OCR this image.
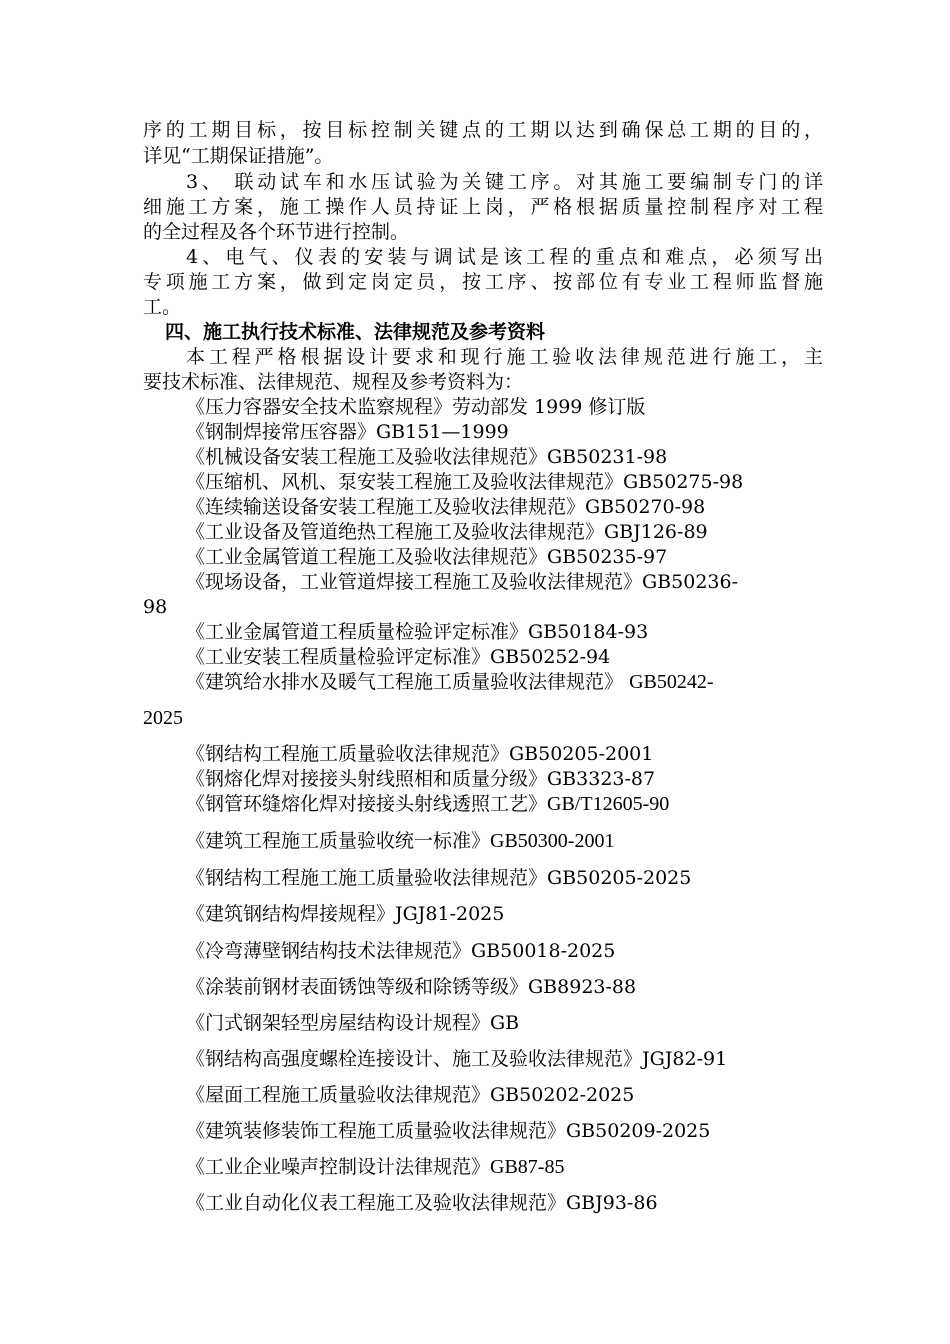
序的工期目标，按目标控制关键点的工期以达到确保总工期的目的，
详见“工期保证措施”。
3、 联动试车和水压试验为关键工序。对其施工要编制专门的详
细施工方案，施工操作人员持证上岗，严格根据质量控制程序对工程
的全过程及各个环节进行控制。
4、电气、仪表的安装与调试是该工程的重点和难点，必须写出
专项施工方案，做到定岗定员，按工序、按部位有专业工程师监督施
工。
四、施工执行技术标准、法律规范及参考资料
本工程严格根据设计要求和现行施工验收法律规范进行施工，主
要技术标准、法律规范、规程及参考资料为：
《压力容器安全技术监察规程》劳动部发 1999 修订版
《钢制焊接常压容器》GB151—1999
《机械设备安装工程施工及验收法律规范》GB50231-98
《压缩机、风机、泵安装工程施工及验收法律规范》GB50275-98
《连续输送设备安装工程施工及验收法律规范》GB50270-98
《工业设备及管道绝热工程施工及验收法律规范》GBJ126-89
《工业金属管道工程施工及验收法律规范》GB50235-97
《现场设备，工业管道焊接工程施工及验收法律规范》GB50236-
98
《工业金属管道工程质量检验评定标准》GB50184-93
《工业安装工程质量检验评定标准》GB50252-94
《建筑给水排水及暖气工程施工质量验收法律规范》 GB50242-
2025
《钢结构工程施工质量验收法律规范》GB50205-2001
《钢熔化焊对接接头射线照相和质量分级》GB3323-87
《钢管环缝熔化焊对接接头射线透照工艺》GB/T12605-90
《建筑工程施工质量验收统一标准》GB50300-2001
《钢结构工程施工施工质量验收法律规范》GB50205-2025
《建筑钢结构焊接规程》JGJ81-2025
《冷弯薄壁钢结构技术法律规范》GB50018-2025
《涂装前钢材表面锈蚀等级和除锈等级》GB8923-88
《门式钢架轻型房屋结构设计规程》GB
《钢结构高强度螺栓连接设计、施工及验收法律规范》JGJ82-91
《屋面工程施工质量验收法律规范》GB50202-2025
《建筑装修装饰工程施工质量验收法律规范》GB50209-2025
《工业企业噪声控制设计法律规范》GB87-85
《工业自动化仪表工程施工及验收法律规范》GBJ93-86
